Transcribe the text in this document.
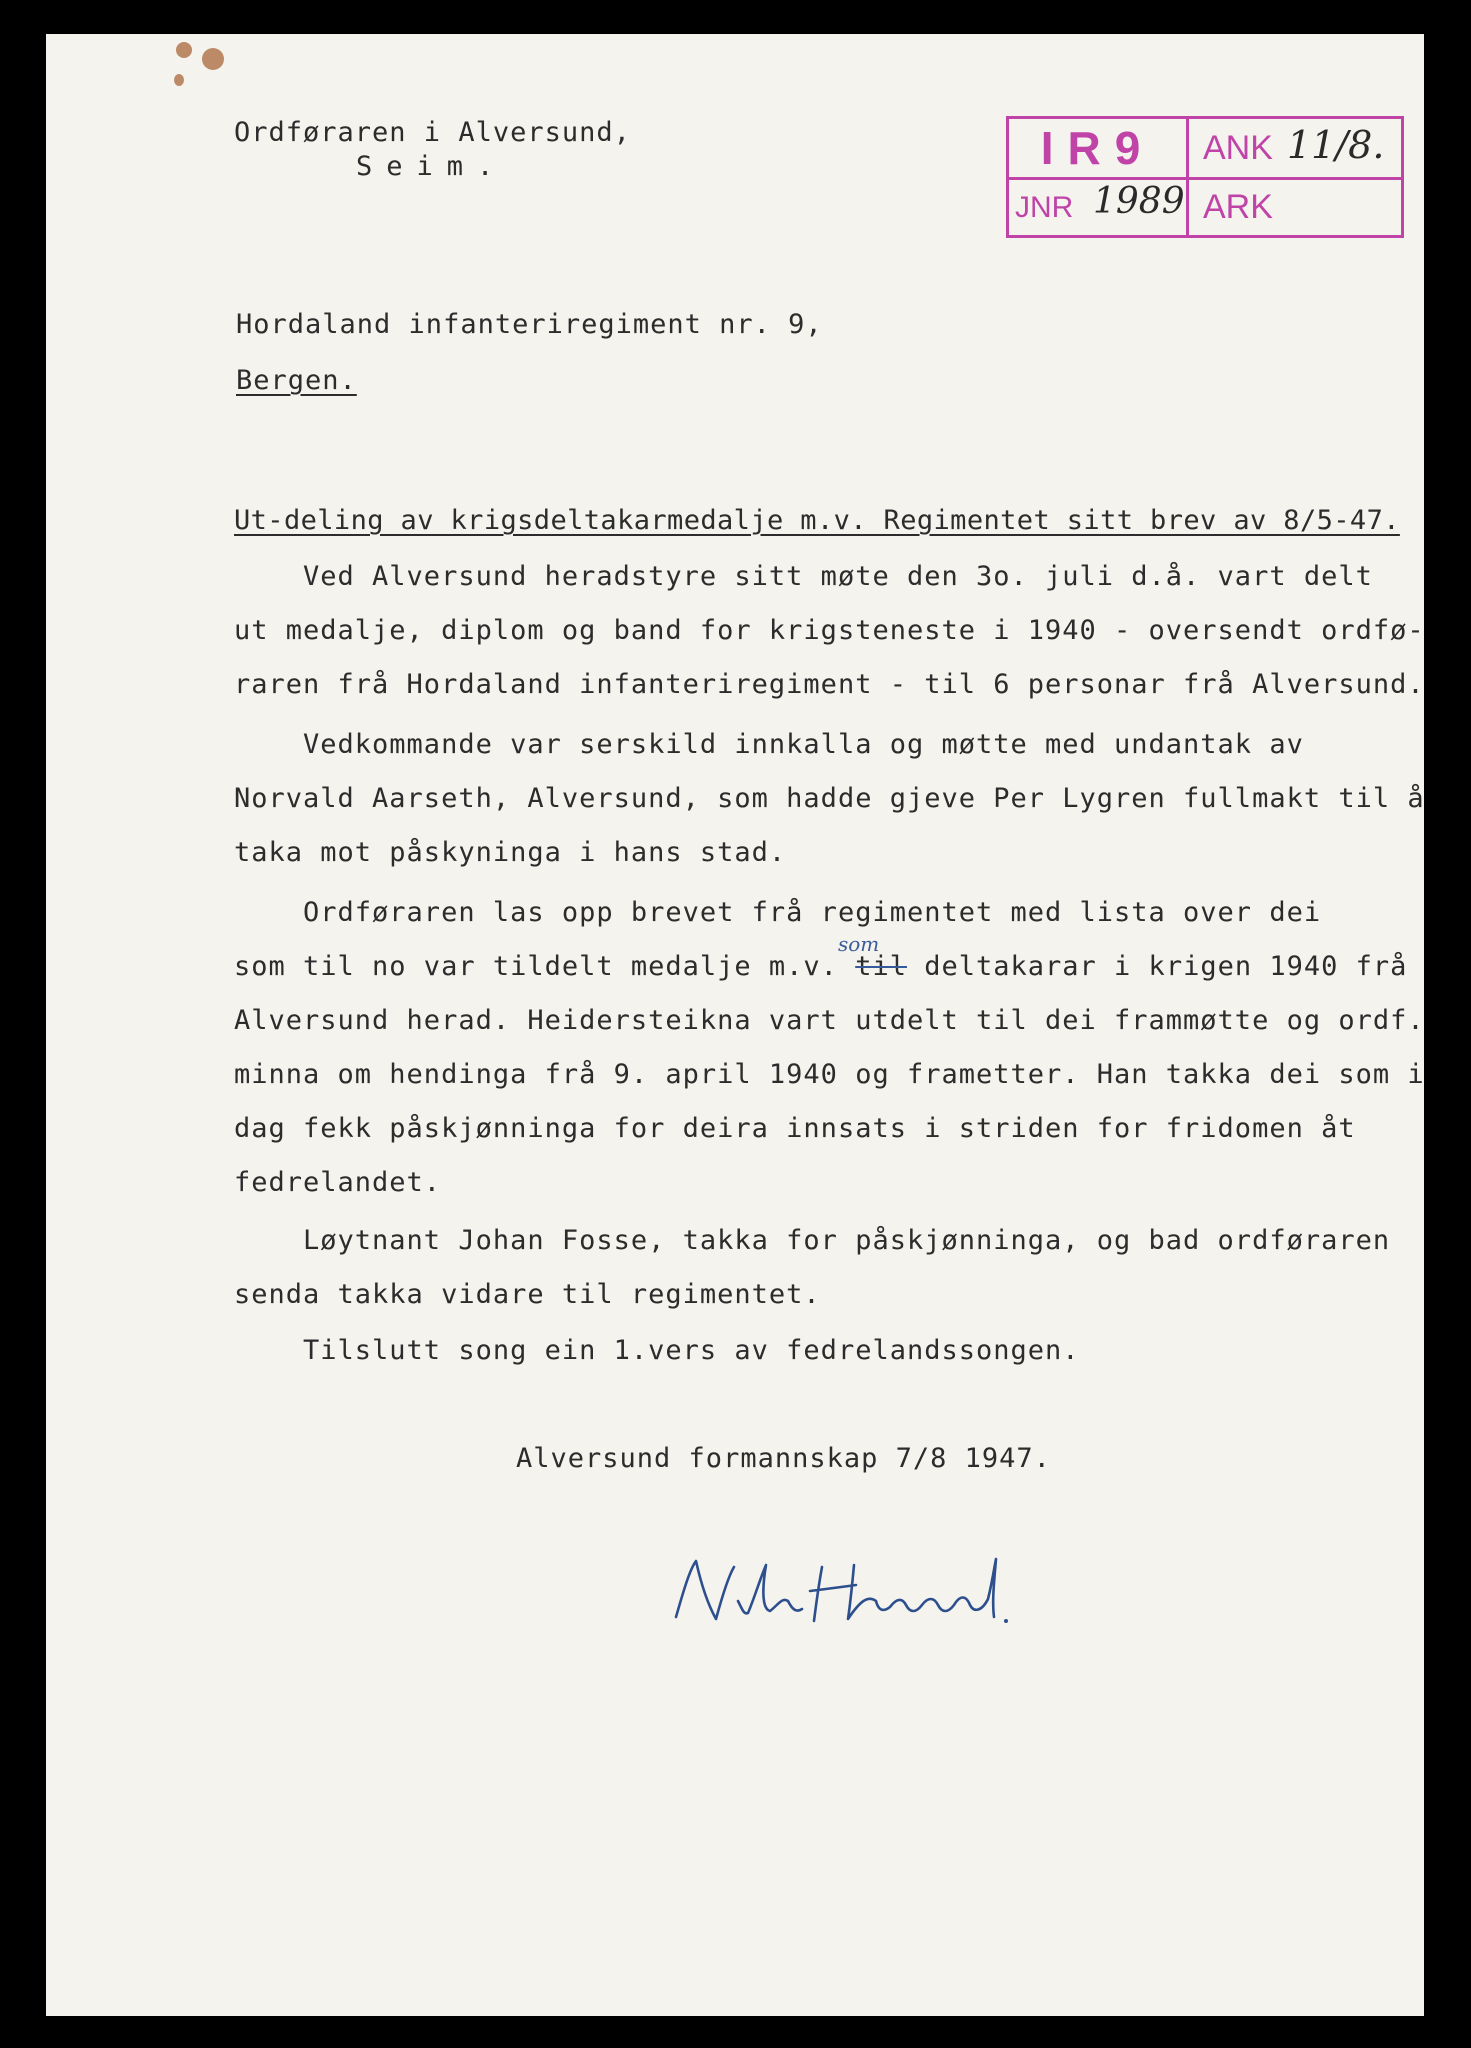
Ordføraren i Alversund,
Seim.	IR9	ANK 11/8.
JNR 1989 ARK
Hordaland infanteriregiment nr. 9,
Bergen.
Ut-deling av krigsdeltakarmedalje m.v. Regimentet sitt brev av 8/5-47.
Ved Alversund heradstyre sitt møte den 3o. juli d.å. vart delt
ut medalje, diplom og band for krigsteneste i 1940 - oversendt ordfø-
raren frå Hordaland infanteriregiment - til 6 personar frå Alversund.
Vedkommande var serskild innkalla og møtte med undantak av
Norvald Aarseth, Alversund, som hadde gjeve Per Lygren fullmakt til å
taka mot påskyninga i hans stad.
Ordføraren las opp brevet frå regimentet med lista over dei
som til no var tildelt medalje m.v. til deltakarar i krigen 1940 frå
som
Alversund herad. Heidersteikna vart utdelt til dei frammøtte og ordf.
minna om hendinga frå 9. april 1940 og frametter. Han takka dei som i
dag fekk påskjønninga for deira innsats i striden for fridomen åt
fedrelandet.
Løytnant Johan Fosse, takka for påskjønninga, og bad ordføraren
senda takka vidare til regimentet.
Tilslutt song ein 1.vers av fedrelandssongen.
Alversund formannskap 7/8 1947.
